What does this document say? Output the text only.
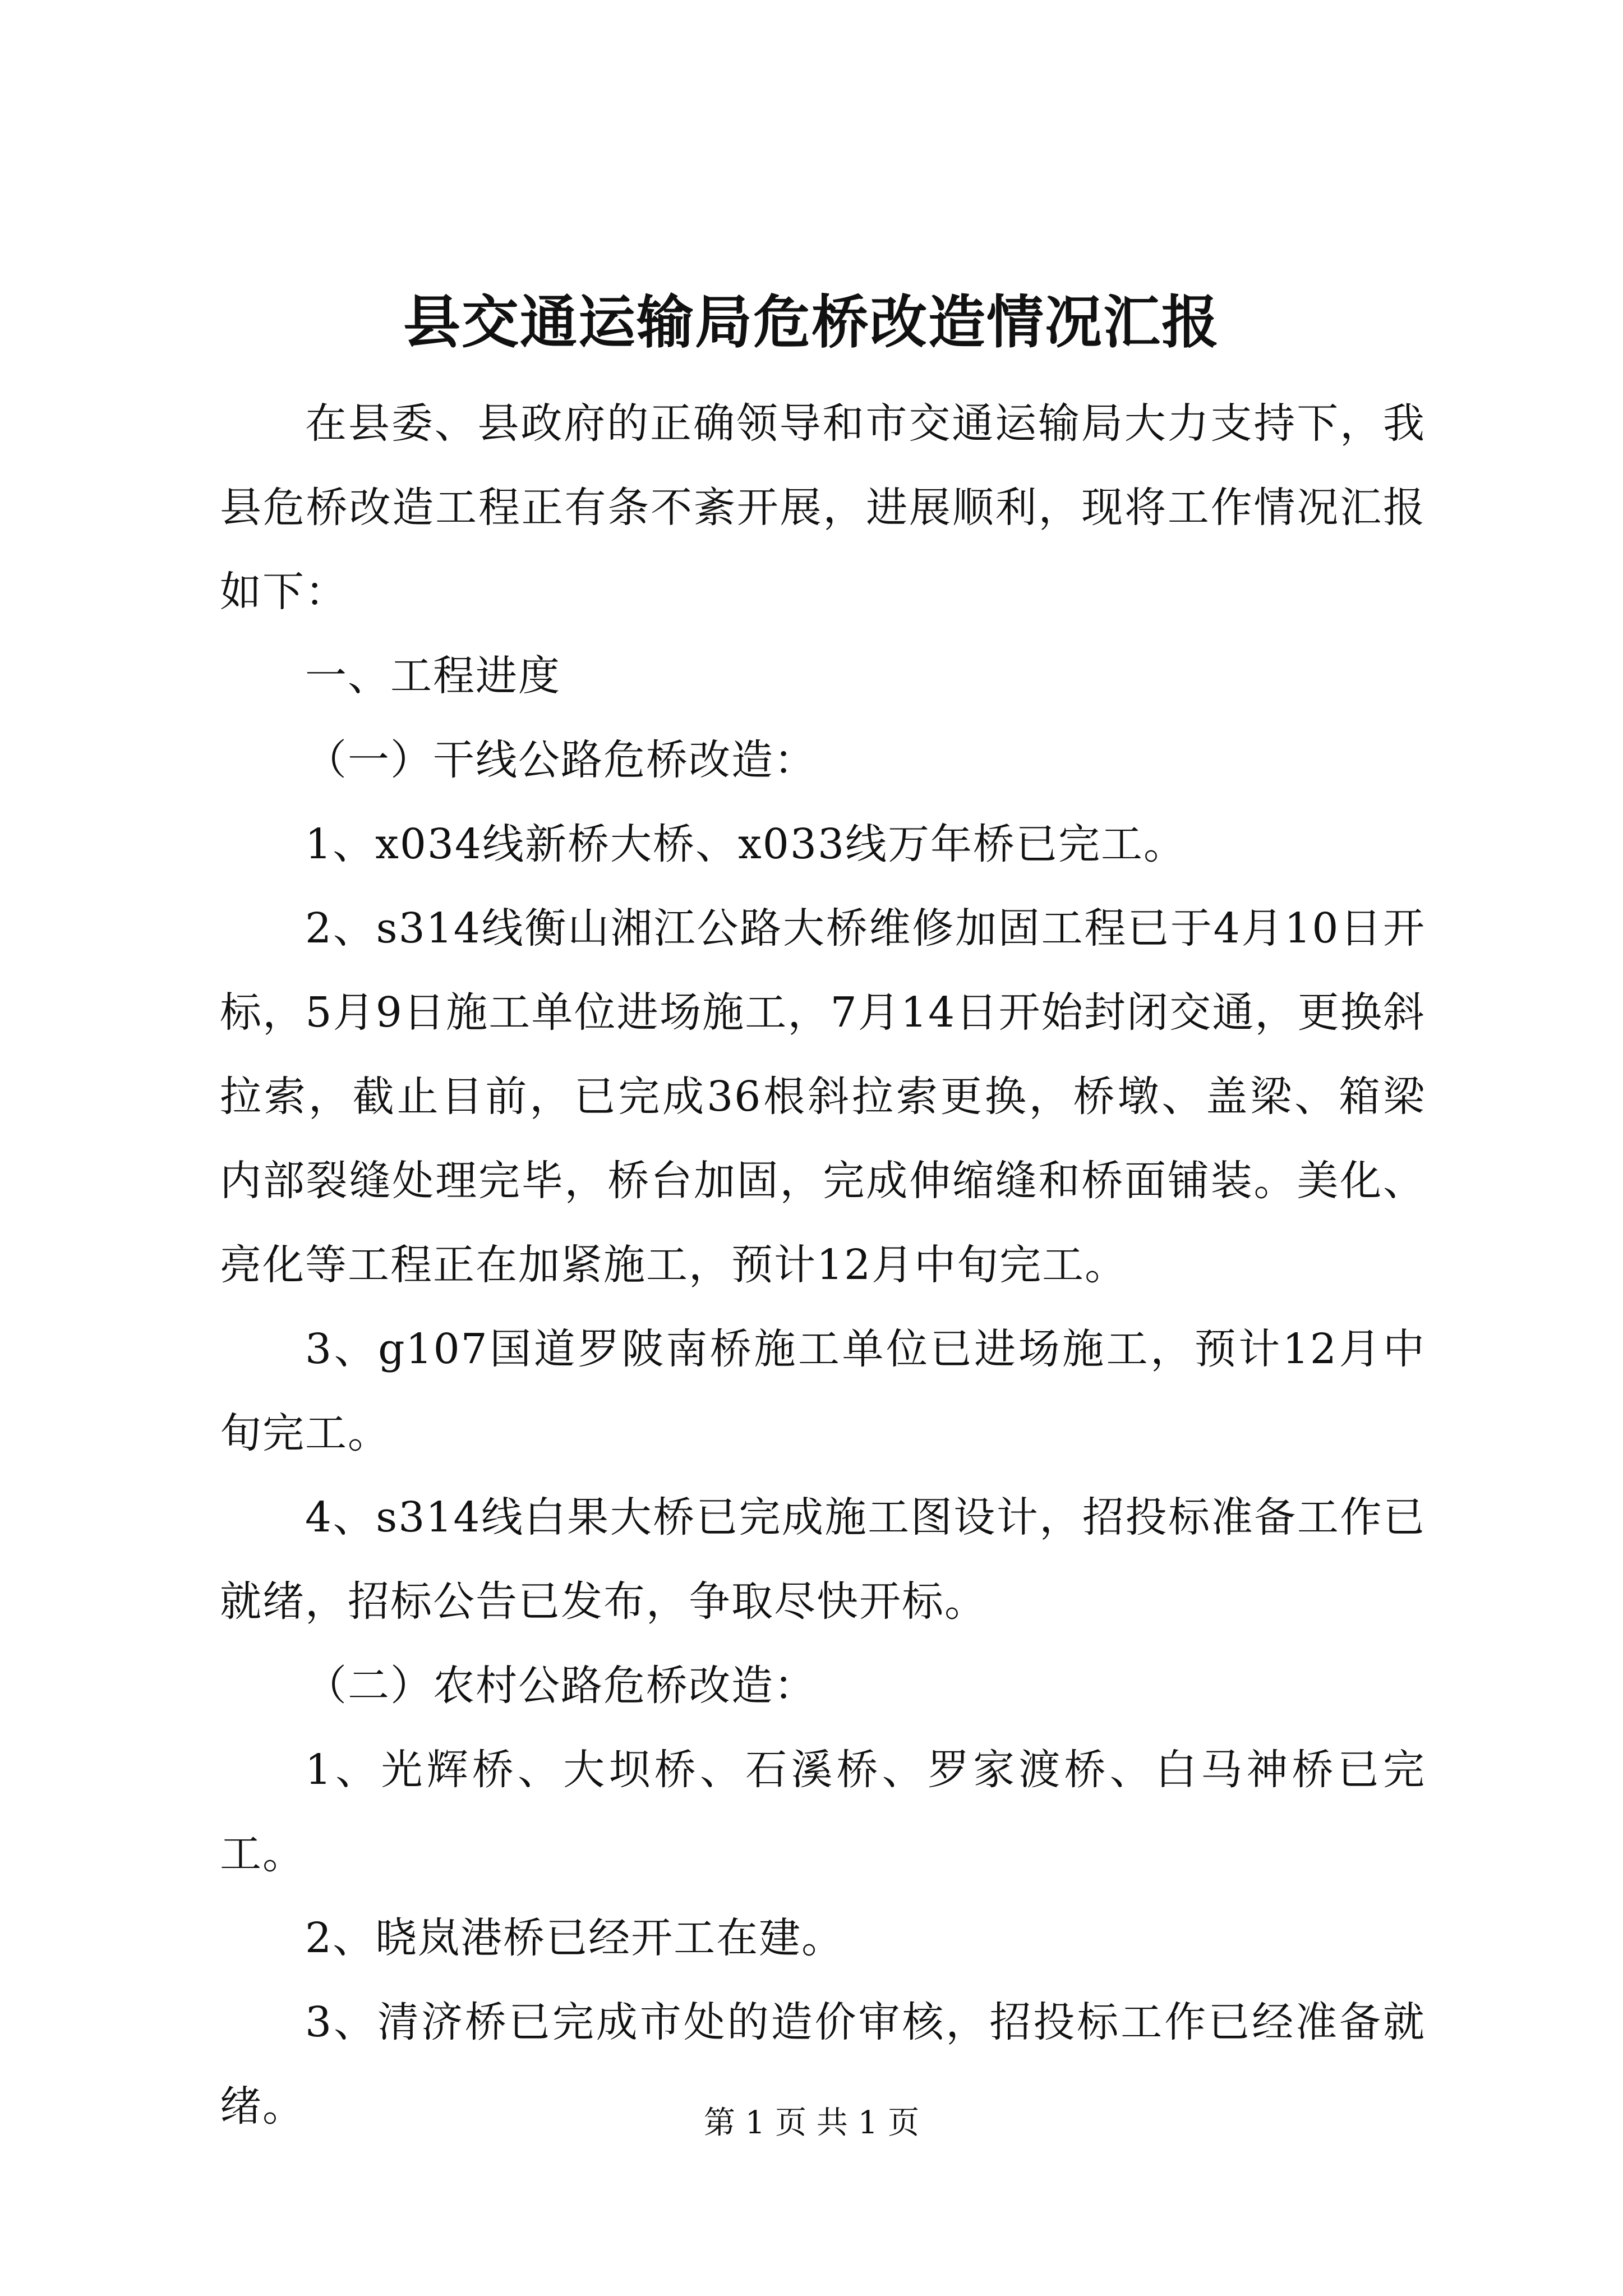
县交通运输局危桥改造情况汇报

在县委、县政府的正确领导和市交通运输局大力支持下，我县危桥改造工程正有条不紊开展，进展顺利，现将工作情况汇报如下：

一、工程进度

（一）干线公路危桥改造：

1、x034线新桥大桥、x033线万年桥已完工。

2、s314线衡山湘江公路大桥维修加固工程已于4月10日开标，5月9日施工单位进场施工，7月14日开始封闭交通，更换斜拉索，截止目前，已完成36根斜拉索更换，桥墩、盖梁、箱梁内部裂缝处理完毕，桥台加固，完成伸缩缝和桥面铺装。美化、亮化等工程正在加紧施工，预计12月中旬完工。

3、g107国道罗陂南桥施工单位已进场施工，预计12月中旬完工。

4、s314线白果大桥已完成施工图设计，招投标准备工作已就绪，招标公告已发布，争取尽快开标。

（二）农村公路危桥改造：

1、光辉桥、大坝桥、石溪桥、罗家渡桥、白马神桥已完工。

2、晓岚港桥已经开工在建。

3、清济桥已完成市处的造价审核，招投标工作已经准备就绪。	第 1 页 共 1 页
